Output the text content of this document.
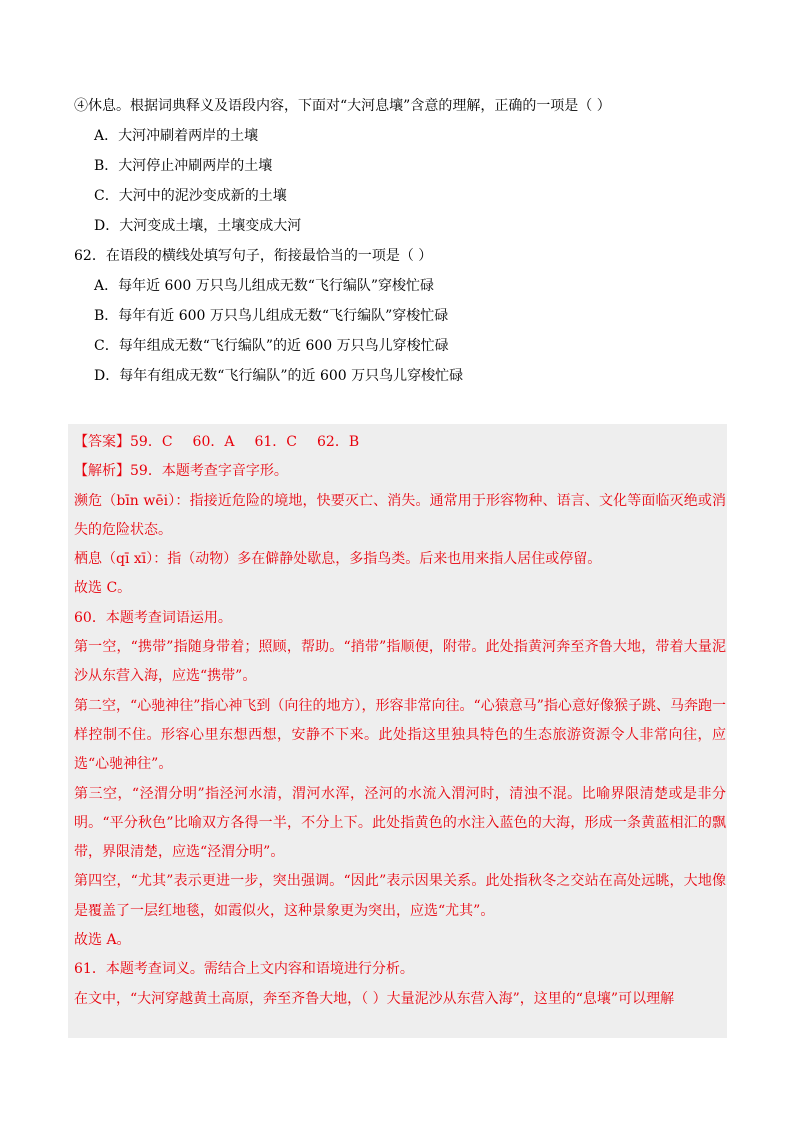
④休息。根据词典释义及语段内容，下面对“大河息壤”含意的理解，正确的一项是（ ）
A．大河冲刷着两岸的土壤
B．大河停止冲刷两岸的土壤
C．大河中的泥沙变成新的土壤
D．大河变成土壤，土壤变成大河
62．在语段的横线处填写句子，衔接最恰当的一项是（ ）
A．每年近 600 万只鸟儿组成无数“飞行编队”穿梭忙碌
B．每年有近 600 万只鸟儿组成无数“飞行编队”穿梭忙碌
C．每年组成无数“飞行编队”的近 600 万只鸟儿穿梭忙碌
D．每年有组成无数“飞行编队”的近 600 万只鸟儿穿梭忙碌
【答案】59．C 60．A 61．C 62．B
【解析】59．本题考查字音字形。
濒危（bīn wēi）：指接近危险的境地，快要灭亡、消失。通常用于形容物种、语言、文化等面临灭绝或消失的危险状态。
栖息（qī xī）：指（动物）多在僻静处歇息，多指鸟类。后来也用来指人居住或停留。
故选 C。
60．本题考查词语运用。
第一空，“携带”指随身带着；照顾，帮助。“捎带”指顺便，附带。此处指黄河奔至齐鲁大地，带着大量泥沙从东营入海，应选“携带”。
第二空，“心驰神往”指心神飞到（向往的地方），形容非常向往。“心猿意马”指心意好像猴子跳、马奔跑一样控制不住。形容心里东想西想，安静不下来。此处指这里独具特色的生态旅游资源令人非常向往，应选“心驰神往”。
第三空，“泾渭分明”指泾河水清，渭河水浑，泾河的水流入渭河时，清浊不混。比喻界限清楚或是非分明。“平分秋色”比喻双方各得一半，不分上下。此处指黄色的水注入蓝色的大海，形成一条黄蓝相汇的飘带，界限清楚，应选“泾渭分明”。
第四空，“尤其”表示更进一步，突出强调。“因此”表示因果关系。此处指秋冬之交站在高处远眺，大地像是覆盖了一层红地毯，如霞似火，这种景象更为突出，应选“尤其”。
故选 A。
61．本题考查词义。需结合上文内容和语境进行分析。
在文中，“大河穿越黄土高原，奔至齐鲁大地，（ ）大量泥沙从东营入海”，这里的“息壤”可以理解
